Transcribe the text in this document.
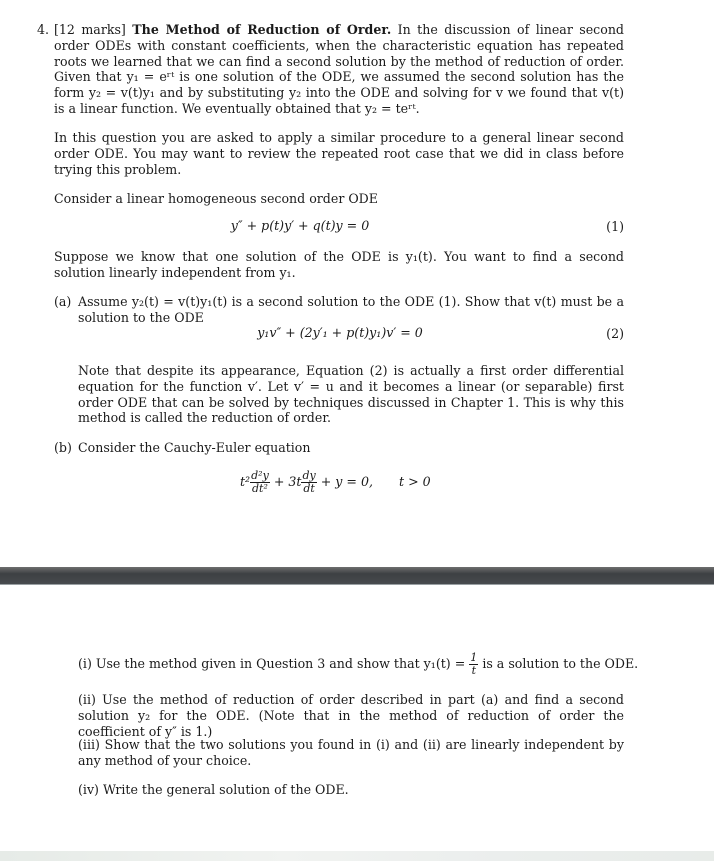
4. [12 marks] The Method of Reduction of Order. In the discussion of linear second order ODEs with constant coefficients, when the characteristic equation has repeated roots we learned that we can find a second solution by the method of reduction of order. Given that y₁ = eʳᵗ is one solution of the ODE, we assumed the second solution has the form y₂ = v(t)y₁ and by substituting y₂ into the ODE and solving for v we found that v(t) is a linear function. We eventually obtained that y₂ = teʳᵗ.

In this question you are asked to apply a similar procedure to a general linear second order ODE. You may want to review the repeated root case that we did in class before trying this problem.

Consider a linear homogeneous second order ODE

y″ + p(t)y′ + q(t)y = 0	(1)

Suppose we know that one solution of the ODE is y₁(t). You want to find a second solution linearly independent from y₁.

(a) Assume y₂(t) = v(t)y₁(t) is a second solution to the ODE (1). Show that v(t) must be a solution to the ODE

y₁v″ + (2y′₁ + p(t)y₁)v′ = 0	(2)

Note that despite its appearance, Equation (2) is actually a first order differential equation for the function v′. Let v′ = u and it becomes a linear (or separable) first order ODE that can be solved by techniques discussed in Chapter 1. This is why this method is called the reduction of order.

(b) Consider the Cauchy-Euler equation

$t^2 \frac{\text{d²y}}{\text{dt²}} + 3t \frac{dy}{dt} + y = 0$, t > 0

(i) Use the method given in Question 3 and show that $y_1(t) = \frac{1}{t}$ is a solution to the ODE.

(ii) Use the method of reduction of order described in part (a) and find a second solution y₂ for the ODE. (Note that in the method of reduction of order the coefficient of y″ is 1.)

(iii) Show that the two solutions you found in (i) and (ii) are linearly independent by any method of your choice.

(iv) Write the general solution of the ODE.
